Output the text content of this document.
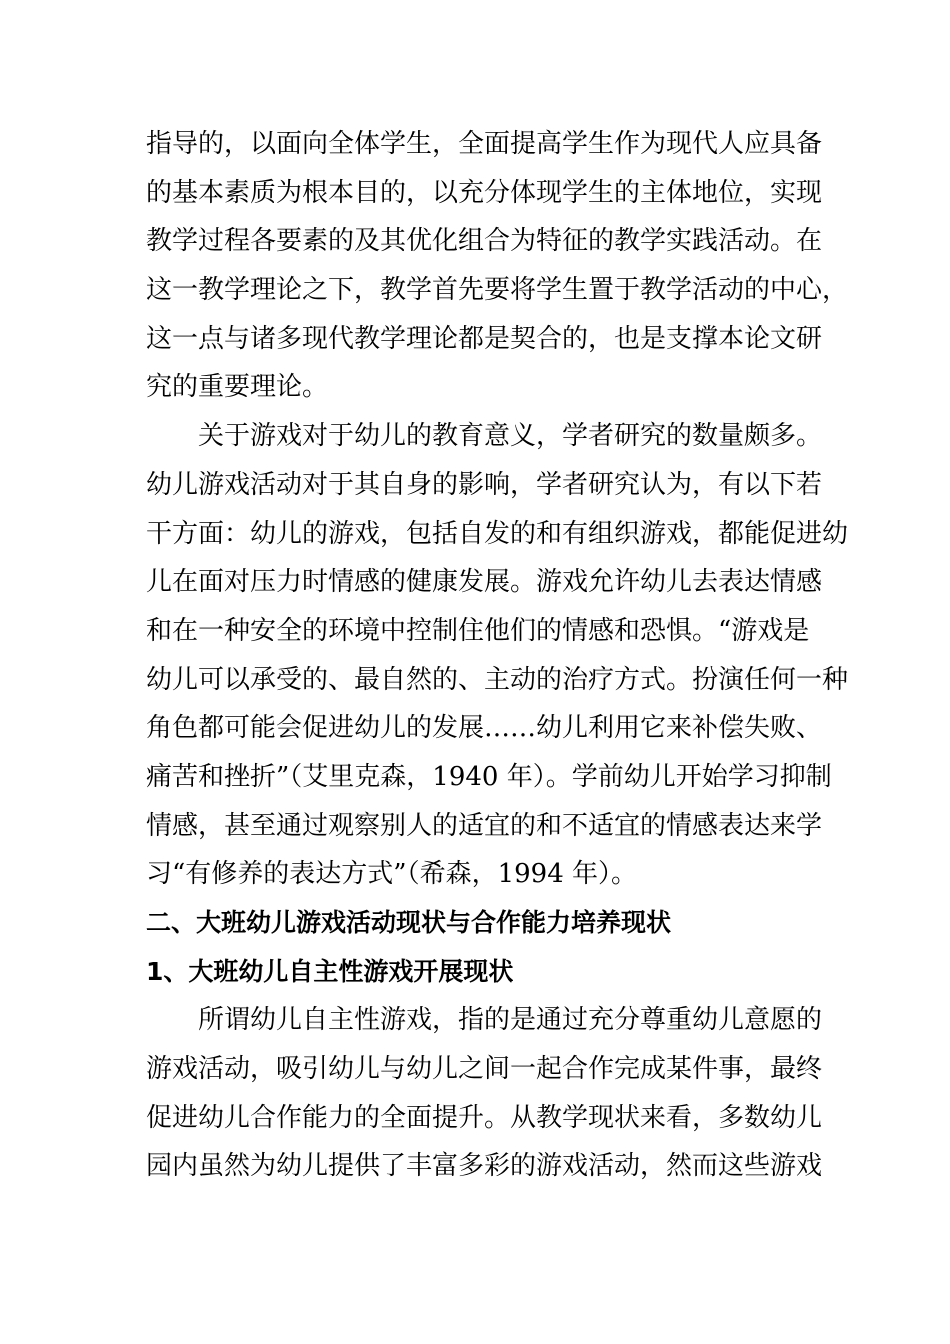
指导的，以面向全体学生，全面提高学生作为现代人应具备
的基本素质为根本目的，以充分体现学生的主体地位，实现
教学过程各要素的及其优化组合为特征的教学实践活动。在
这一教学理论之下，教学首先要将学生置于教学活动的中心，
这一点与诸多现代教学理论都是契合的，也是支撑本论文研
究的重要理论。
关于游戏对于幼儿的教育意义，学者研究的数量颇多。
幼儿游戏活动对于其自身的影响，学者研究认为，有以下若
干方面：幼儿的游戏，包括自发的和有组织游戏，都能促进幼
儿在面对压力时情感的健康发展。游戏允许幼儿去表达情感
和在一种安全的环境中控制住他们的情感和恐惧。“游戏是
幼儿可以承受的、最自然的、主动的治疗方式。扮演任何一种
角色都可能会促进幼儿的发展……幼儿利用它来补偿失败、
痛苦和挫折”（艾里克森，1940 年）。学前幼儿开始学习抑制
情感，甚至通过观察别人的适宜的和不适宜的情感表达来学
习“有修养的表达方式”（希森，1994 年）。
二、大班幼儿游戏活动现状与合作能力培养现状
1、大班幼儿自主性游戏开展现状
所谓幼儿自主性游戏，指的是通过充分尊重幼儿意愿的
游戏活动，吸引幼儿与幼儿之间一起合作完成某件事，最终
促进幼儿合作能力的全面提升。从教学现状来看，多数幼儿
园内虽然为幼儿提供了丰富多彩的游戏活动，然而这些游戏
